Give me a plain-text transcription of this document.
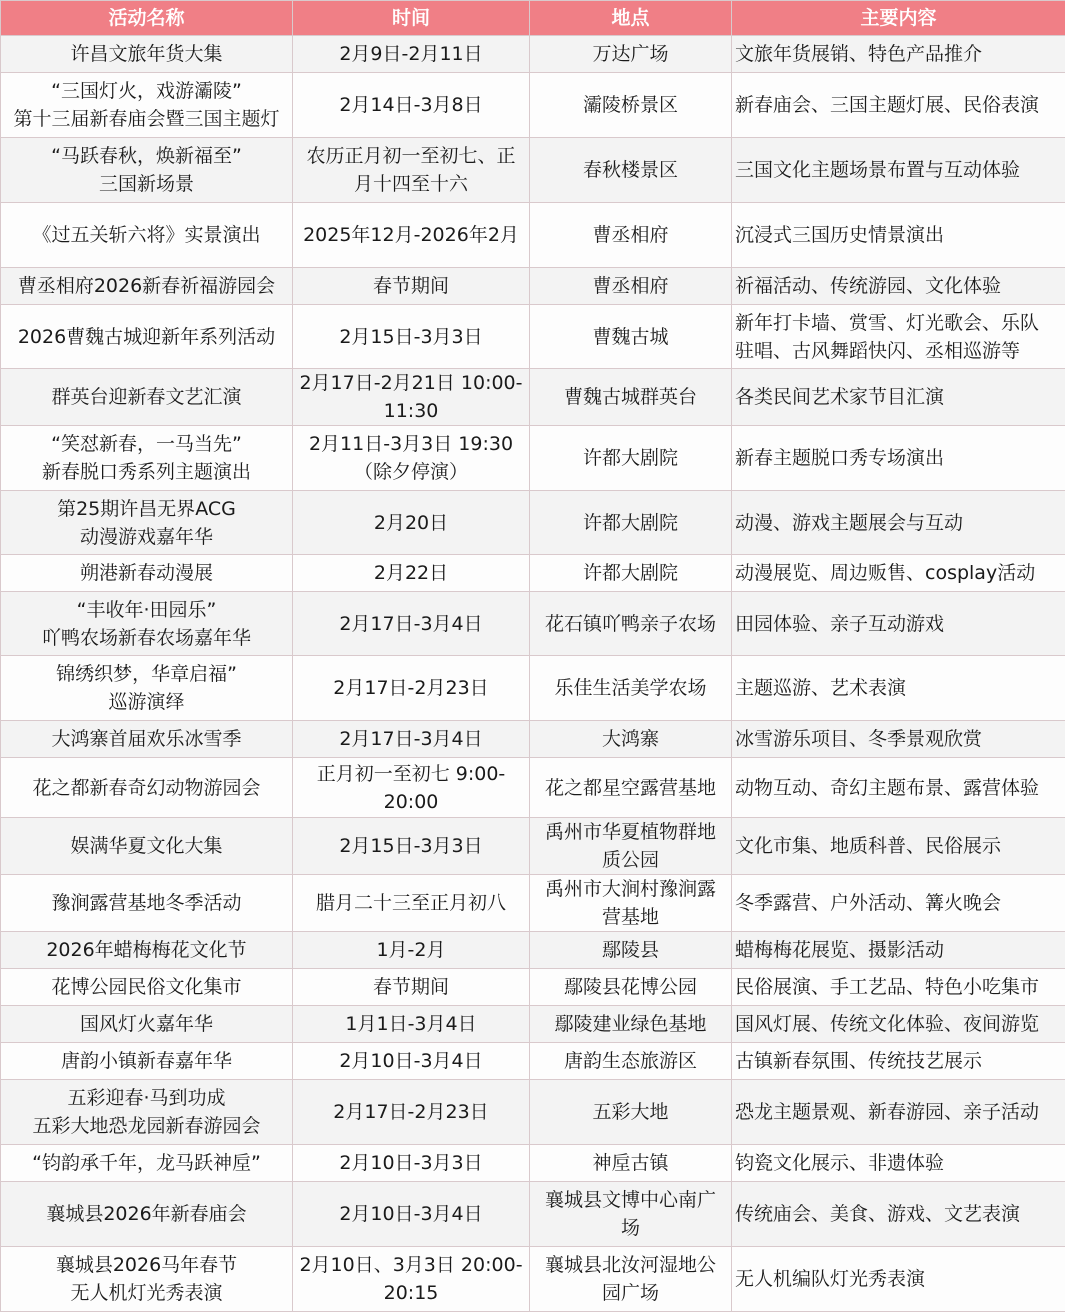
活动名称	时间	地点	主要内容

许昌文旅年货大集	2月9日-2月11日	万达广场	文旅年货展销、特色产品推介

“三国灯火，戏游灞陵”
第十三届新春庙会暨三国主题灯	2月14日-3月8日	灞陵桥景区	新春庙会、三国主题灯展、民俗表演

“马跃春秋，焕新福至”
三国新场景	农历正月初一至初七、正
月十四至十六	春秋楼景区	三国文化主题场景布置与互动体验

《过五关斩六将》实景演出	2025年12月-2026年2月	曹丞相府	沉浸式三国历史情景演出

曹丞相府2026新春祈福游园会	春节期间	曹丞相府	祈福活动、传统游园、文化体验

2026曹魏古城迎新年系列活动	2月15日-3月3日	曹魏古城	新年打卡墙、赏雪、灯光歌会、乐队
驻唱、古风舞蹈快闪、丞相巡游等

群英台迎新春文艺汇演	2月17日-2月21日 10:00-
11:30	曹魏古城群英台	各类民间艺术家节目汇演

“笑怼新春，一马当先”
新春脱口秀系列主题演出	2月11日-3月3日 19:30
（除夕停演）	许都大剧院	新春主题脱口秀专场演出

第25期许昌无界ACG
动漫游戏嘉年华	2月20日	许都大剧院	动漫、游戏主题展会与互动

朔港新春动漫展	2月22日	许都大剧院	动漫展览、周边贩售、cosplay活动

“丰收年·田园乐”
吖鸭农场新春农场嘉年华	2月17日-3月4日	花石镇吖鸭亲子农场	田园体验、亲子互动游戏

锦绣织梦，华章启福”
巡游演绎	2月17日-2月23日	乐佳生活美学农场	主题巡游、艺术表演

大鸿寨首届欢乐冰雪季	2月17日-3月4日	大鸿寨	冰雪游乐项目、冬季景观欣赏

花之都新春奇幻动物游园会	正月初一至初七 9:00-
20:00	花之都星空露营基地	动物互动、奇幻主题布景、露营体验

娱满华夏文化大集	2月15日-3月3日	禹州市华夏植物群地
质公园	文化市集、地质科普、民俗展示

豫涧露营基地冬季活动	腊月二十三至正月初八	禹州市大涧村豫涧露
营基地	冬季露营、户外活动、篝火晚会

2026年蜡梅梅花文化节	1月-2月	鄢陵县	蜡梅梅花展览、摄影活动

花博公园民俗文化集市	春节期间	鄢陵县花博公园	民俗展演、手工艺品、特色小吃集市

国风灯火嘉年华	1月1日-3月4日	鄢陵建业绿色基地	国风灯展、传统文化体验、夜间游览

唐韵小镇新春嘉年华	2月10日-3月4日	唐韵生态旅游区	古镇新春氛围、传统技艺展示

五彩迎春·马到功成
五彩大地恐龙园新春游园会	2月17日-2月23日	五彩大地	恐龙主题景观、新春游园、亲子活动

“钧韵承千年，龙马跃神垕”	2月10日-3月3日	神垕古镇	钧瓷文化展示、非遗体验

襄城县2026年新春庙会	2月10日-3月4日	襄城县文博中心南广
场	传统庙会、美食、游戏、文艺表演

襄城县2026马年春节
无人机灯光秀表演	2月10日、3月3日 20:00-
20:15	襄城县北汝河湿地公
园广场	无人机编队灯光秀表演
